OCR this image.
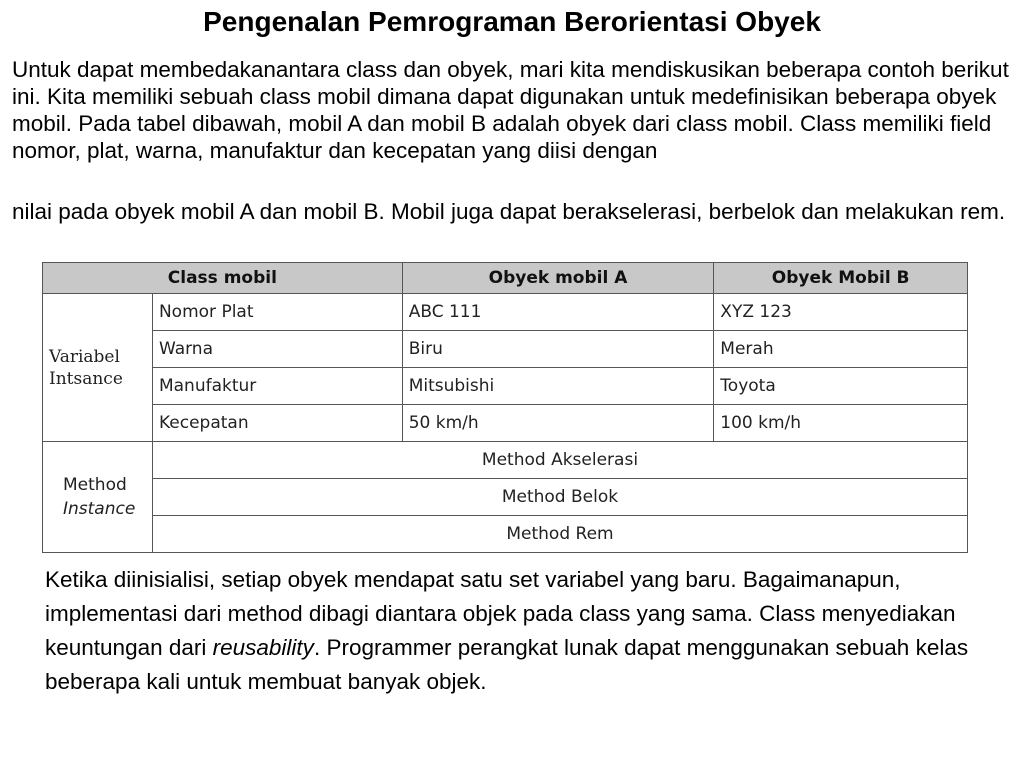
Pengenalan Pemrograman Berorientasi Obyek

Untuk dapat membedakanantara class dan obyek, mari kita mendiskusikan beberapa contoh berikut ini. Kita memiliki sebuah class mobil dimana dapat digunakan untuk medefinisikan beberapa obyek mobil. Pada tabel dibawah, mobil A dan mobil B adalah obyek dari class mobil. Class memiliki field nomor, plat, warna, manufaktur dan kecepatan yang diisi dengan

nilai pada obyek mobil A dan mobil B. Mobil juga dapat berakselerasi, berbelok dan melakukan rem.

Class mobil		Obyek mobil A	Obyek Mobil B

Variabel
Intsance	Nomor Plat	ABC 111	XYZ 123
	Warna	Biru	Merah
	Manufaktur	Mitsubishi	Toyota
	Kecepatan	50 km/h	100 km/h

Method
Instance	Method Akselerasi		
	Method Belok		
	Method Rem		

Ketika diinisialisi, setiap obyek mendapat satu set variabel yang baru. Bagaimanapun, implementasi dari method dibagi diantara objek pada class yang sama. Class menyediakan keuntungan dari reusability. Programmer perangkat lunak dapat menggunakan sebuah kelas beberapa kali untuk membuat banyak objek.
